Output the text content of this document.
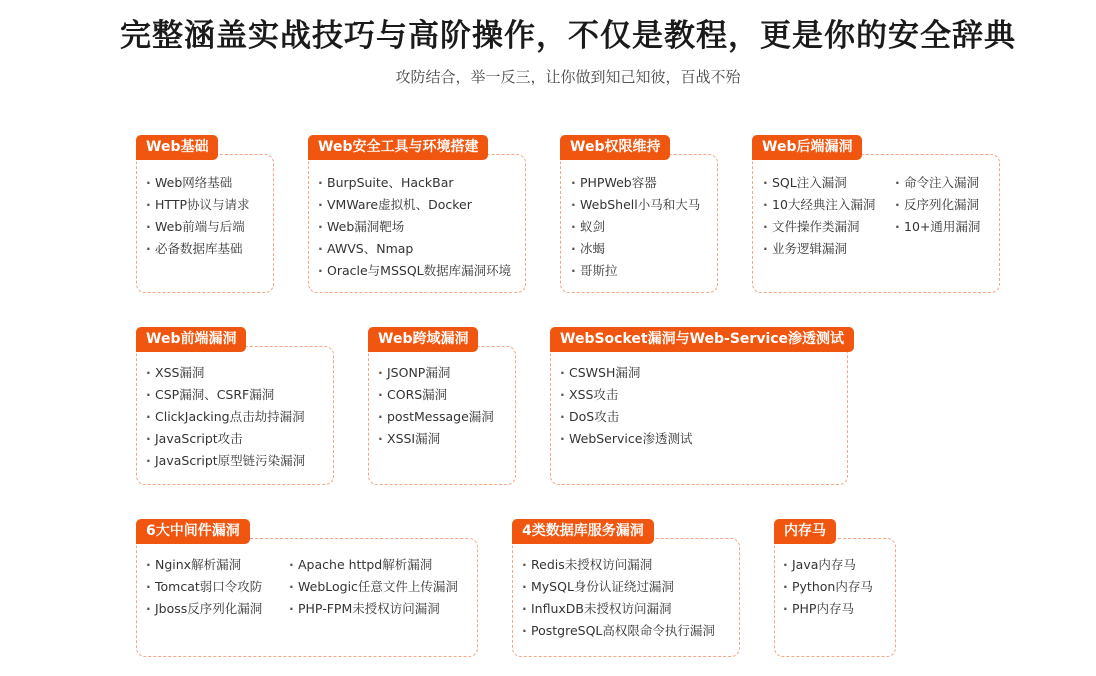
完整涵盖实战技巧与高阶操作，不仅是教程，更是你的安全辞典
攻防结合，举一反三，让你做到知己知彼，百战不殆
Web基础
· Web网络基础
· HTTP协议与请求
· Web前端与后端
· 必备数据库基础
Web安全工具与环境搭建
· BurpSuite、HackBar
· VMWare虚拟机、Docker
· Web漏洞靶场
· AWVS、Nmap
· Oracle与MSSQL数据库漏洞环境
Web权限维持
· PHPWeb容器
· WebShell小马和大马
· 蚁剑
· 冰蝎
· 哥斯拉
Web后端漏洞
· SQL注入漏洞
· 10大经典注入漏洞
· 文件操作类漏洞
· 业务逻辑漏洞
· 命令注入漏洞
· 反序列化漏洞
· 10+通用漏洞
Web前端漏洞
· XSS漏洞
· CSP漏洞、CSRF漏洞
· ClickJacking点击劫持漏洞
· JavaScript攻击
· JavaScript原型链污染漏洞
Web跨域漏洞
· JSONP漏洞
· CORS漏洞
· postMessage漏洞
· XSSI漏洞
WebSocket漏洞与Web-Service渗透测试
· CSWSH漏洞
· XSS攻击
· DoS攻击
· WebService渗透测试
6大中间件漏洞
· Nginx解析漏洞
· Tomcat弱口令攻防
· Jboss反序列化漏洞
· Apache httpd解析漏洞
· WebLogic任意文件上传漏洞
· PHP-FPM未授权访问漏洞
4类数据库服务漏洞
· Redis未授权访问漏洞
· MySQL身份认证绕过漏洞
· InfluxDB未授权访问漏洞
· PostgreSQL高权限命令执行漏洞
内存马
· Java内存马
· Python内存马
· PHP内存马
